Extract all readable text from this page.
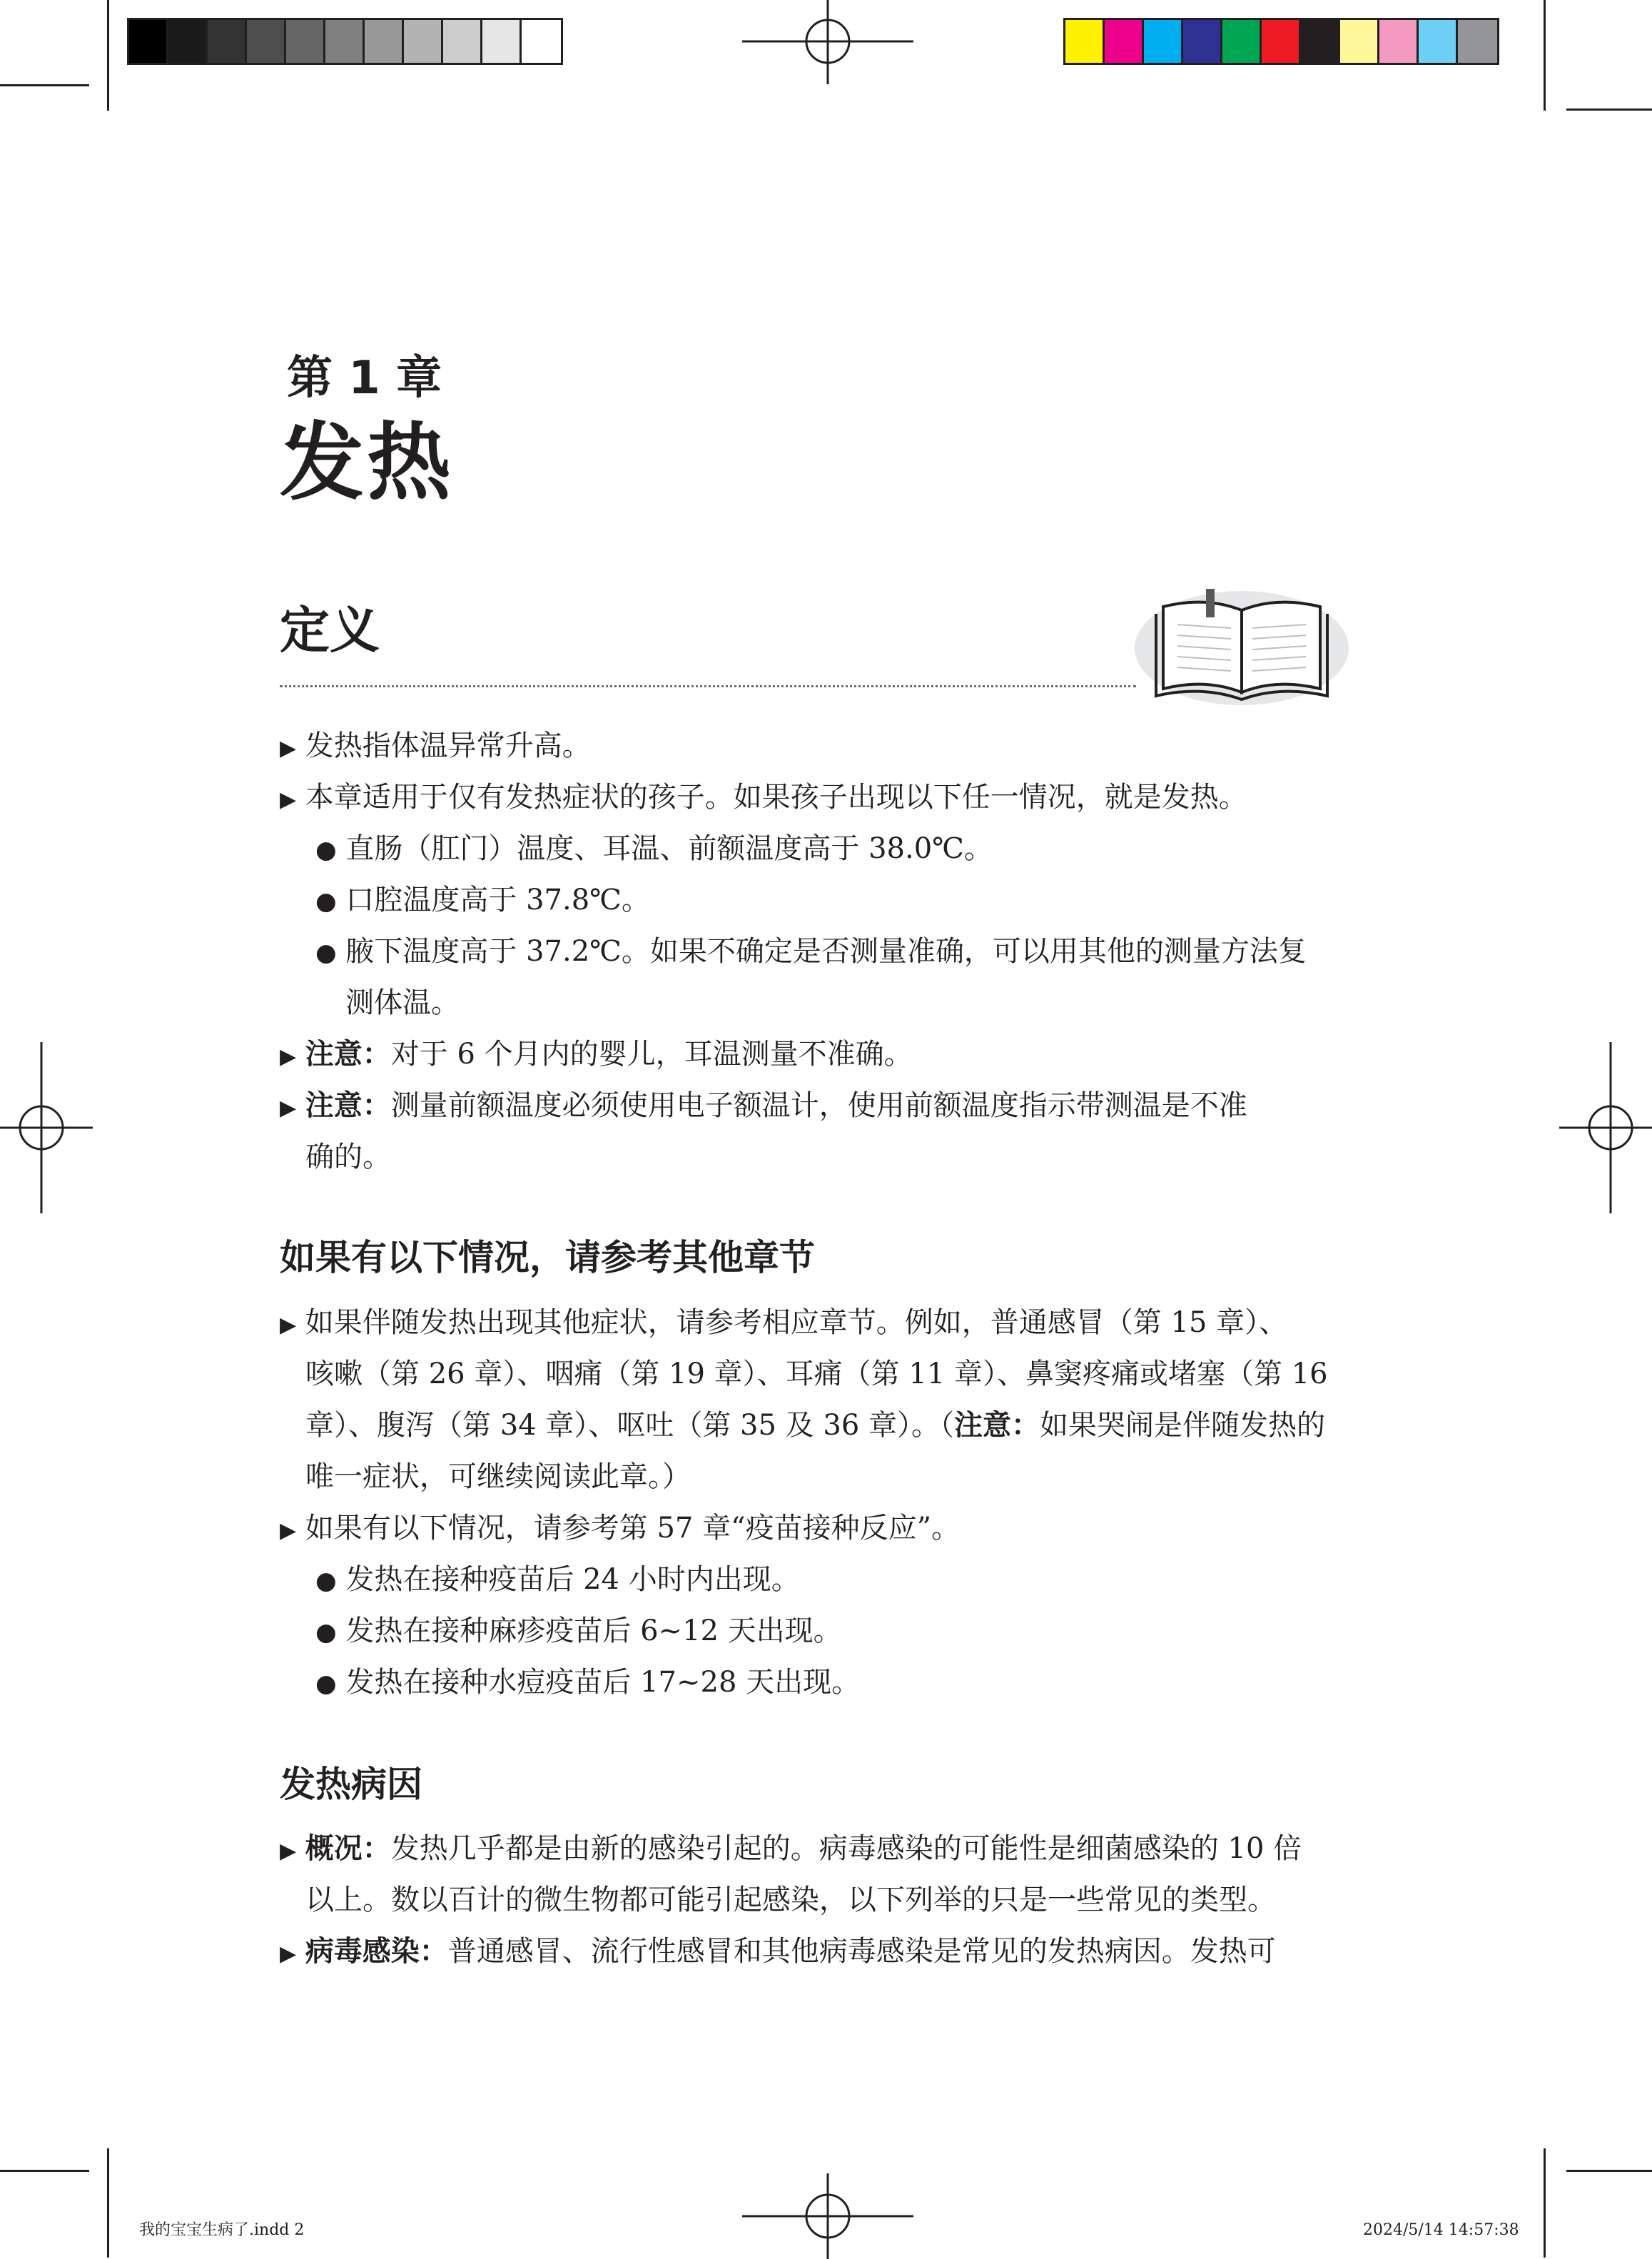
第 1 章
发热
定义
▶ 发热指体温异常升高。
▶ 本章适用于仅有发热症状的孩子。如果孩子出现以下任一情况，就是发热。
● 直肠（肛门）温度、耳温、前额温度高于 38.0℃。
● 口腔温度高于 37.8℃。
● 腋下温度高于 37.2℃。如果不确定是否测量准确，可以用其他的测量方法复
测体温。
▶ 注意：对于 6 个月内的婴儿，耳温测量不准确。
▶ 注意：测量前额温度必须使用电子额温计，使用前额温度指示带测温是不准
确的。
如果有以下情况，请参考其他章节
▶ 如果伴随发热出现其他症状，请参考相应章节。例如，普通感冒（第 15 章）、
咳嗽（第 26 章）、咽痛（第 19 章）、耳痛（第 11 章）、鼻窦疼痛或堵塞（第 16
章）、腹泻（第 34 章）、呕吐（第 35 及 36 章）。（注意：如果哭闹是伴随发热的
唯一症状，可继续阅读此章。）
▶ 如果有以下情况，请参考第 57 章“疫苗接种反应”。
● 发热在接种疫苗后 24 小时内出现。
● 发热在接种麻疹疫苗后 6~12 天出现。
● 发热在接种水痘疫苗后 17~28 天出现。
发热病因
▶ 概况：发热几乎都是由新的感染引起的。病毒感染的可能性是细菌感染的 10 倍
以上。数以百计的微生物都可能引起感染，以下列举的只是一些常见的类型。
▶ 病毒感染：普通感冒、流行性感冒和其他病毒感染是常见的发热病因。发热可
我的宝宝生病了.indd 2	2024/5/14 14:57:38
